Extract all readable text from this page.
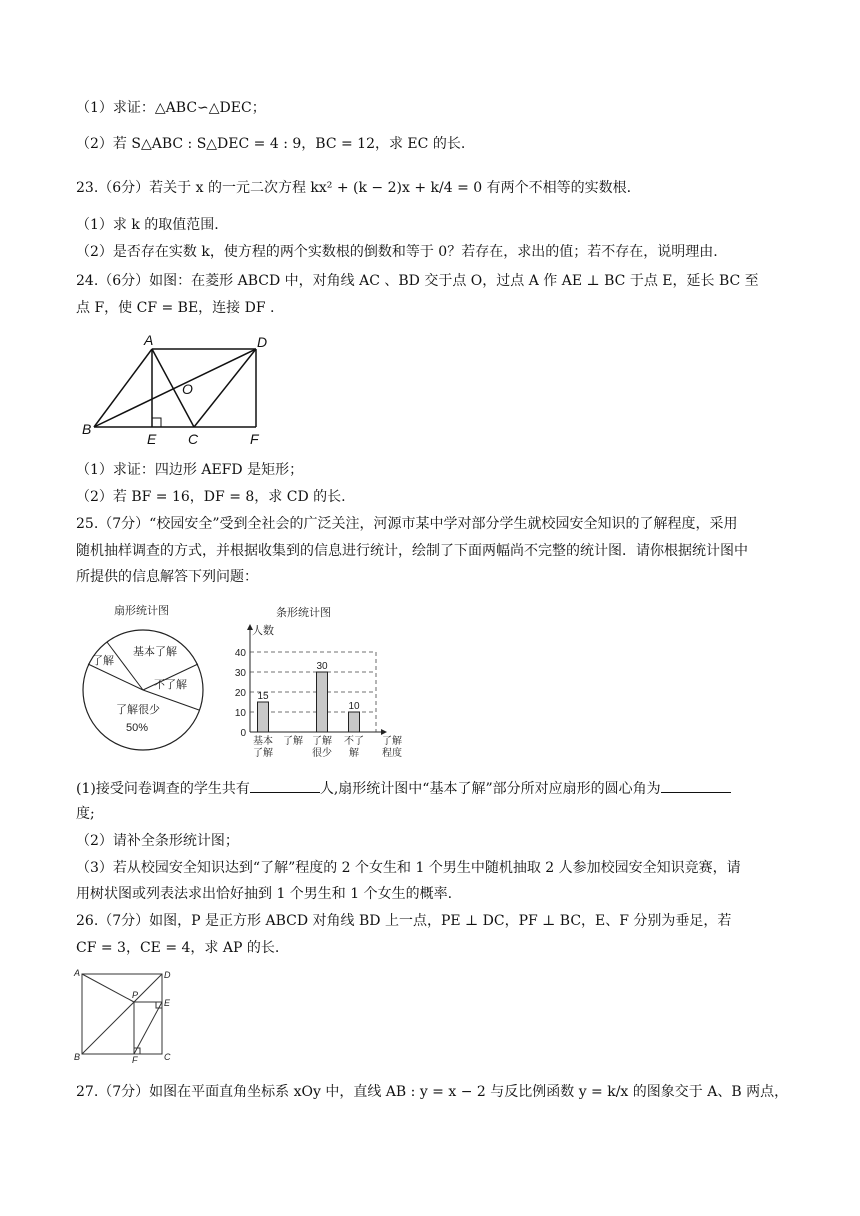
（1）求证：△ABC∽△DEC；
（2）若 S△ABC : S△DEC = 4 : 9，BC = 12，求 EC 的长.
23.（6分）若关于 x 的一元二次方程 kx² + (k − 2)x + k/4 = 0 有两个不相等的实数根.
（1）求 k 的取值范围.
（2）是否存在实数 k，使方程的两个实数根的倒数和等于 0？若存在，求出的值；若不存在，说明理由.
24.（6分）如图：在菱形 ABCD 中，对角线 AC 、BD 交于点 O，过点 A 作 AE ⊥ BC 于点 E，延长 BC 至
点 F，使 CF = BE，连接 DF .
A	D
B
E C	F
O
（1）求证：四边形 AEFD 是矩形；
（2）若 BF = 16，DF = 8，求 CD 的长.
25.（7分）“校园安全”受到全社会的广泛关注，河源市某中学对部分学生就校园安全知识的了解程度，采用
随机抽样调查的方式，并根据收集到的信息进行统计，绘制了下面两幅尚不完整的统计图．请你根据统计图中
所提供的信息解答下列问题：
扇形统计图
基本了解
了解
不了解
了解很少
50%
条形统计图
人数
0
10
20
30
40
15
基本
了解
了解
30
了解
很少
10
不了
解
了解
程度
(1)接受问卷调查的学生共有	人,扇形统计图中“基本了解”部分所对应扇形的圆心角为
度;
（2）请补全条形统计图；
（3）若从校园安全知识达到“了解”程度的 2 个女生和 1 个男生中随机抽取 2 人参加校园安全知识竞赛，请
用树状图或列表法求出恰好抽到 1 个男生和 1 个女生的概率.
26.（7分）如图，P 是正方形 ABCD 对角线 BD 上一点，PE ⊥ DC，PF ⊥ BC，E、F 分别为垂足，若
CF = 3，CE = 4，求 AP 的长.
A	D
P
E
B	F	C
27.（7分）如图在平面直角坐标系 xOy 中，直线 AB : y = x − 2 与反比例函数 y = k/x 的图象交于 A、B 两点，
